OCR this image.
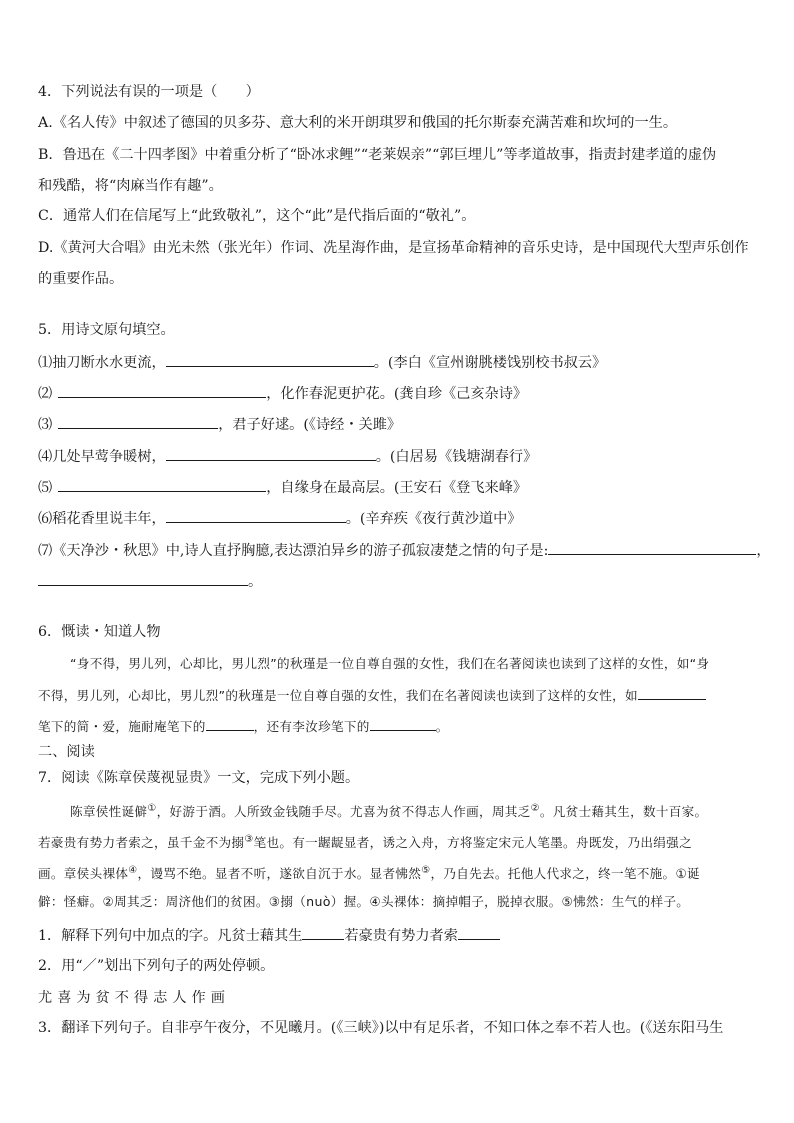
4．下列说法有误的一项是（　　）
A.《名人传》中叙述了德国的贝多芬、意大利的米开朗琪罗和俄国的托尔斯泰充满苦难和坎坷的一生。
B．鲁迅在《二十四孝图》中着重分析了“卧冰求鲤”“老莱娱亲”“郭巨埋儿”等孝道故事，指责封建孝道的虚伪
和残酷，将“肉麻当作有趣”。
C．通常人们在信尾写上“此致敬礼”，这个“此”是代指后面的“敬礼”。
D.《黄河大合唱》由光未然（张光年）作词、冼星海作曲，是宣扬革命精神的音乐史诗，是中国现代大型声乐创作
的重要作品。
5．用诗文原句填空。
⑴抽刀断水水更流，	。(李白《宣州谢朓楼饯别校书叔云》
⑵	，化作春泥更护花。(龚自珍《己亥杂诗》
⑶	，君子好逑。(《诗经・关雎》
⑷几处早莺争暖树，	。(白居易《钱塘湖春行》
⑸	，自缘身在最高层。(王安石《登飞来峰》
⑹稻花香里说丰年，	。(辛弃疾《夜行黄沙道中》
⑺《天净沙・秋思》中,诗人直抒胸臆,表达漂泊异乡的游子孤寂凄楚之情的句子是:	，
。
6．慨读・知道人物
“身不得，男儿列，心却比，男儿烈”的秋瑾是一位自尊自强的女性，我们在名著阅读也读到了这样的女性，如“身
不得，男儿列，心却比，男儿烈”的秋瑾是一位自尊自强的女性，我们在名著阅读也读到了这样的女性，如
笔下的简・爱，施耐庵笔下的	，还有李汝珍笔下的	。
二、阅读
7．阅读《陈章侯蔑视显贵》一文，完成下列小题。
陈章侯性诞僻①，好游于酒。人所致金钱随手尽。尤喜为贫不得志人作画，周其乏②。凡贫士藉其生，数十百家。
若豪贵有势力者索之，虽千金不为搦③笔也。有一龌龊显者，诱之入舟，方将鉴定宋元人笔墨。舟既发，乃出绢强之
画。章侯头裸体④，谩骂不绝。显者不听，遂欲自沉于水。显者怫然⑤，乃自先去。托他人代求之，终一笔不施。①诞
僻：怪癖。②周其乏：周济他们的贫困。③搦（nuò）握。④头裸体：摘掉帽子，脱掉衣服。⑤怫然：生气的样子。
1．解释下列句中加点的字。凡贫士藉其生	若豪贵有势力者索
2．用“／”划出下列句子的两处停顿。
尤喜为贫不得志人作画
3．翻译下列句子。自非亭午夜分，不见曦月。(《三峡》)以中有足乐者，不知口体之奉不若人也。(《送东阳马生
